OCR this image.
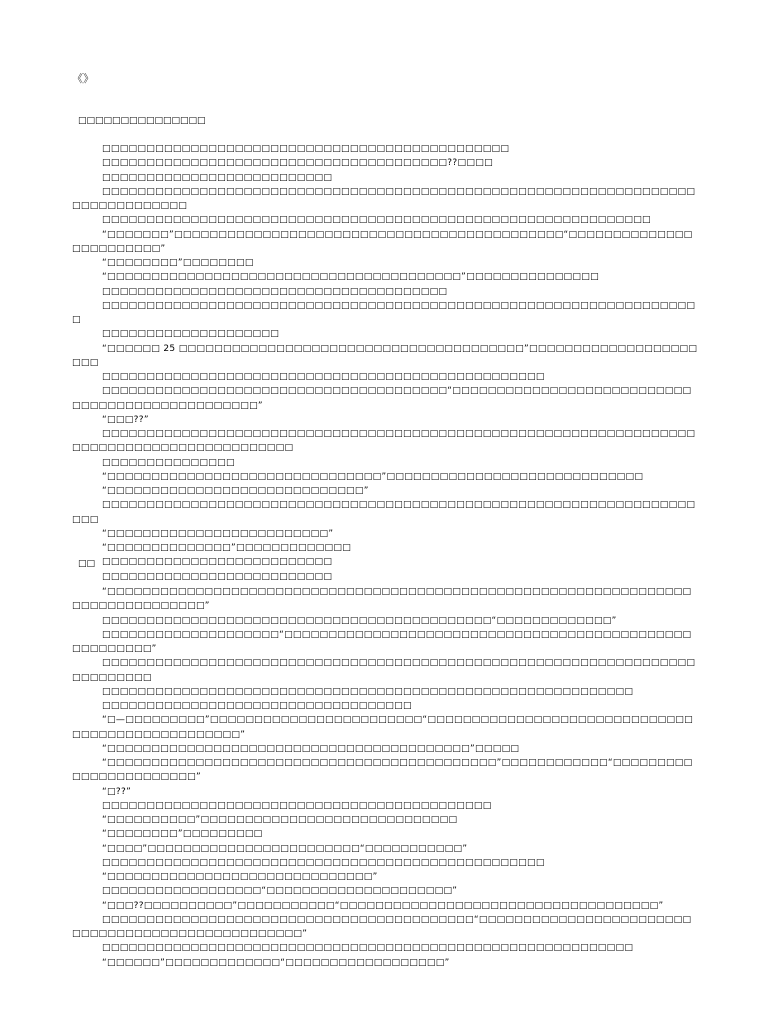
《》
□□□□□□□□□□□□□□□
□□□□□□□□□□□□□□□□□□□□□□□□□□□□□□□□□□□□□□□□□□□□□□
□□□□□□□□□□□□□□□□□□□□□□□□□□□□□□□□□□□□□□□??□□□□
□□□□□□□□□□□□□□□□□□□□□□□□□□
□□□□□□□□□□□□□□□□□□□□□□□□□□□□□□□□□□□□□□□□□□□□□□□□□□□□□□□□□□□□□□□□□□□□□□□□□□□□□□□□
□□□□□□□□□□□□□□□□□□□□□□□□□□□□□□□□□□□□□□□□□□□□□□□□□□□□□□□□□□□□□□
“□□□□□□□”□□□□□□□□□□□□□□□□□□□□□□□□□□□□□□□□□□□□□□□□□□□□“□□□□□□□□□□□□□□□□□□□□□□□□”
“□□□□□□□□”□□□□□□□□
“□□□□□□□□□□□□□□□□□□□□□□□□□□□□□□□□□□□□□□□□”□□□□□□□□□□□□□□□
□□□□□□□□□□□□□□□□□□□□□□□□□□□□□□□□□□□□□□□
□□□□□□□□□□□□□□□□□□□□□□□□□□□□□□□□□□□□□□□□□□□□□□□□□□□□□□□□□□□□□□□□□□□□
□□□□□□□□□□□□□□□□□□□□
“□□□□□□ 25 □□□□□□□□□□□□□□□□□□□□□□□□□□□□□□□□□□□□□□□”□□□□□□□□□□□□□□□□□□□□□□
□□□□□□□□□□□□□□□□□□□□□□□□□□□□□□□□□□□□□□□□□□□□□□□□□□
□□□□□□□□□□□□□□□□□□□□□□□□□□□□□□□□□□□□□□□“□□□□□□□□□□□□□□□□□□□□□□□□□□□□□□□□□□□□□□□□□□□□□□□□”
“□□□??”
□□□□□□□□□□□□□□□□□□□□□□□□□□□□□□□□□□□□□□□□□□□□□□□□□□□□□□□□□□□□□□□□□□□□□□□□□□□□□□□□□□□□□□□□□□□□
□□□□□□□□□□□□□□□
“□□□□□□□□□□□□□□□□□□□□□□□□□□□□□□□”□□□□□□□□□□□□□□□□□□□□□□□□□□□□□
“□□□□□□□□□□□□□□□□□□□□□□□□□□□□□”
□□□□□□□□□□□□□□□□□□□□□□□□□□□□□□□□□□□□□□□□□□□□□□□□□□□□□□□□□□□□□□□□□□□□□□
“□□□□□□□□□□□□□□□□□□□□□□□□□”
“□□□□□□□□□□□□□□”□□□□□□□□□□□□□
□□□□□□□□□□□□□□□□□□□□□□□□□□
□□□□□□□□□□□□□□□□□□□□□□□□□□
□□
“□□□□□□□□□□□□□□□□□□□□□□□□□□□□□□□□□□□□□□□□□□□□□□□□□□□□□□□□□□□□□□□□□□□□□□□□□□□□□□□□□”
□□□□□□□□□□□□□□□□□□□□□□□□□□□□□□□□□□□□□□□□□□□□“□□□□□□□□□□□□□”
□□□□□□□□□□□□□□□□□□□□“□□□□□□□□□□□□□□□□□□□□□□□□□□□□□□□□□□□□□□□□□□□□□□□□□□□□□□□”
□□□□□□□□□□□□□□□□□□□□□□□□□□□□□□□□□□□□□□□□□□□□□□□□□□□□□□□□□□□□□□□□□□□□□□□□□□□□
□□□□□□□□□□□□□□□□□□□□□□□□□□□□□□□□□□□□□□□□□□□□□□□□□□□□□□□□□□□□
□□□□□□□□□□□□□□□□□□□□□□□□□□□□□□□□□□□
“□—□□□□□□□□□”□□□□□□□□□□□□□□□□□□□□□□□□“□□□□□□□□□□□□□□□□□□□□□□□□□□□□□□□□□□□□□□□□□□□□□□□□□”
“□□□□□□□□□□□□□□□□□□□□□□□□□□□□□□□□□□□□□□□□□”□□□□□
“□□□□□□□□□□□□□□□□□□□□□□□□□□□□□□□□□□□□□□□□□□□□”□□□□□□□□□□□□“□□□□□□□□□□□□□□□□□□□□□□□”
“□??”
□□□□□□□□□□□□□□□□□□□□□□□□□□□□□□□□□□□□□□□□□□□□
“□□□□□□□□□□”□□□□□□□□□□□□□□□□□□□□□□□□□□□□□
“□□□□□□□□”□□□□□□□□□
“□□□□”□□□□□□□□□□□□□□□□□□□□□□□□“□□□□□□□□□□□”
□□□□□□□□□□□□□□□□□□□□□□□□□□□□□□□□□□□□□□□□□□□□□□□□□□
“□□□□□□□□□□□□□□□□□□□□□□□□□□□□□□”
□□□□□□□□□□□□□□□□□□“□□□□□□□□□□□□□□□□□□□□□”
“□□□??□□□□□□□□□□”□□□□□□□□□□□“□□□□□□□□□□□□□□□□□□□□□□□□□□□□□□□□□□□□”
□□□□□□□□□□□□□□□□□□□□□□□□□□□□□□□□□□□□□□□□□□“□□□□□□□□□□□□□□□□□□□□□□□□□□□□□□□□□□□□□□□□□□□□□□□□□□”
□□□□□□□□□□□□□□□□□□□□□□□□□□□□□□□□□□□□□□□□□□□□□□□□□□□□□□□□□□□□
“□□□□□□”□□□□□□□□□□□□□“□□□□□□□□□□□□□□□□□□”
